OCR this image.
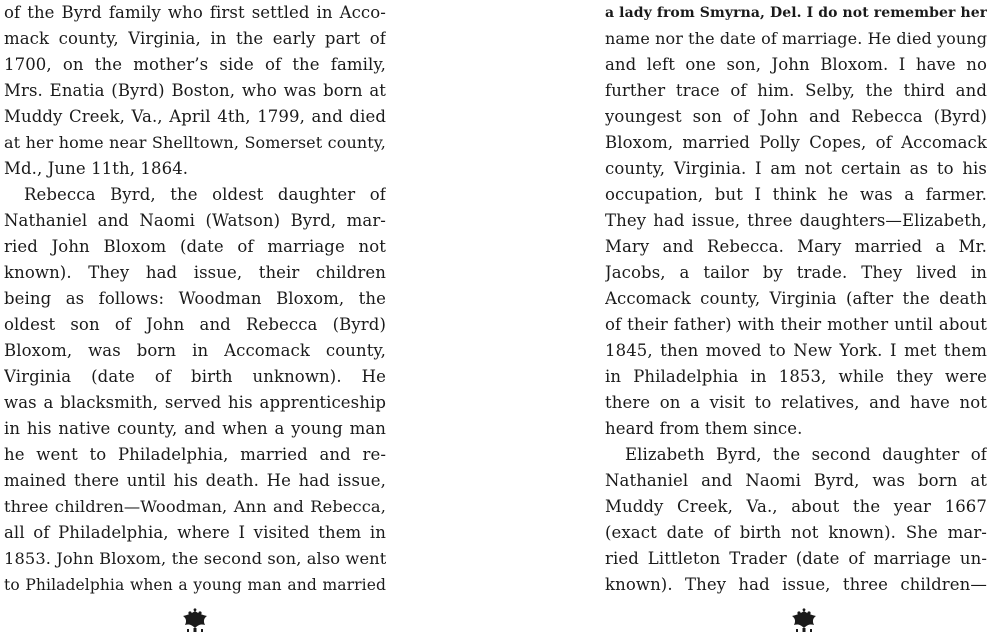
of the Byrd family who first settled in Acco-
mack county, Virginia, in the early part of
1700, on the mother’s side of the family,
Mrs. Enatia (Byrd) Boston, who was born at
Muddy Creek, Va., April 4th, 1799, and died
at her home near Shelltown, Somerset county,
Md., June 11th, 1864.
Rebecca Byrd, the oldest daughter of
Nathaniel and Naomi (Watson) Byrd, mar-
ried John Bloxom (date of marriage not
known). They had issue, their children
being as follows: Woodman Bloxom, the
oldest son of John and Rebecca (Byrd)
Bloxom, was born in Accomack county,
Virginia (date of birth unknown). He
was a blacksmith, served his apprenticeship
in his native county, and when a young man
he went to Philadelphia, married and re-
mained there until his death. He had issue,
three children—Woodman, Ann and Rebecca,
all of Philadelphia, where I visited them in
1853. John Bloxom, the second son, also went
to Philadelphia when a young man and married
a lady from Smyrna, Del. I do not remember her
name nor the date of marriage. He died young
and left one son, John Bloxom. I have no
further trace of him. Selby, the third and
youngest son of John and Rebecca (Byrd)
Bloxom, married Polly Copes, of Accomack
county, Virginia. I am not certain as to his
occupation, but I think he was a farmer.
They had issue, three daughters—Elizabeth,
Mary and Rebecca. Mary married a Mr.
Jacobs, a tailor by trade. They lived in
Accomack county, Virginia (after the death
of their father) with their mother until about
1845, then moved to New York. I met them
in Philadelphia in 1853, while they were
there on a visit to relatives, and have not
heard from them since.
Elizabeth Byrd, the second daughter of
Nathaniel and Naomi Byrd, was born at
Muddy Creek, Va., about the year 1667
(exact date of birth not known). She mar-
ried Littleton Trader (date of marriage un-
known). They had issue, three children—
